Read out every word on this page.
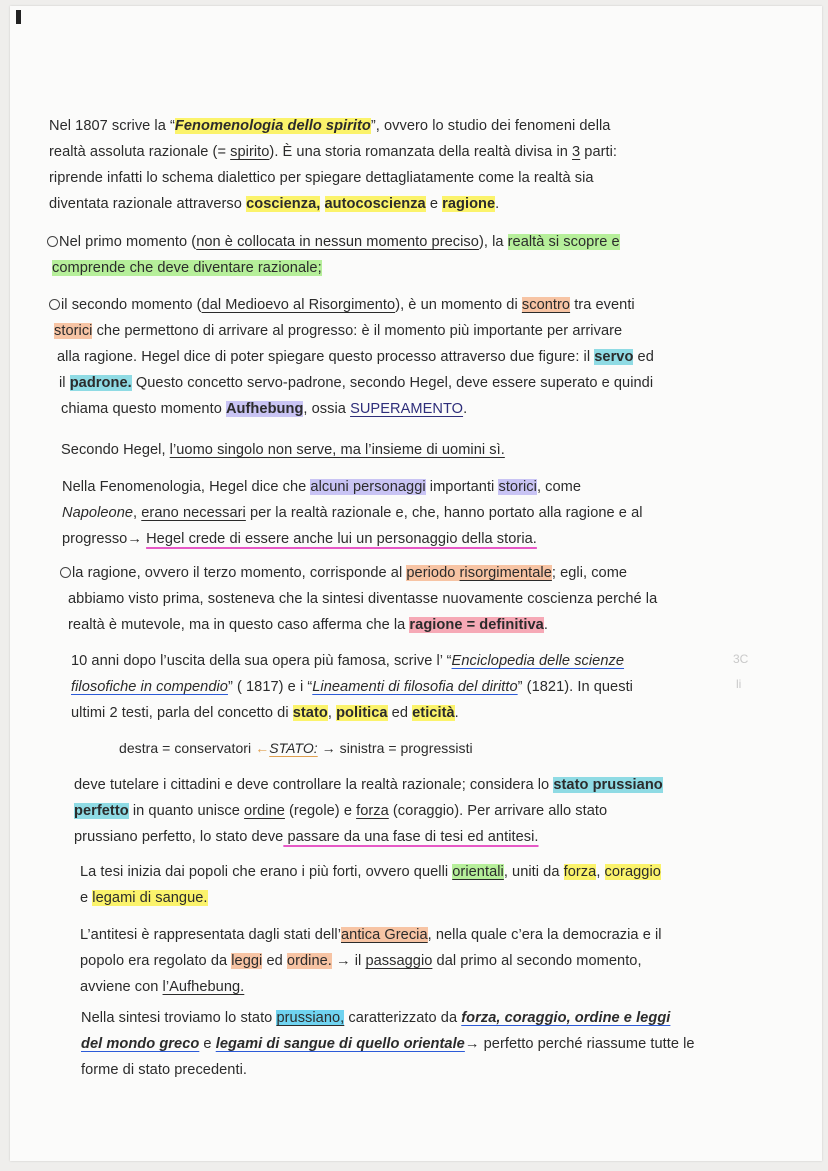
Nel 1807 scrive la “Fenomenologia dello spirito”, ovvero lo studio dei fenomeni della
realtà assoluta razionale (= spirito). È una storia romanzata della realtà divisa in 3 parti:
riprende infatti lo schema dialettico per spiegare dettagliatamente come la realtà sia
diventata razionale attraverso coscienza, autocoscienza e ragione.
Nel primo momento (non è collocata in nessun momento preciso), la realtà si scopre e
comprende che deve diventare razionale;
il secondo momento (dal Medioevo al Risorgimento), è un momento di scontro tra eventi
storici che permettono di arrivare al progresso: è il momento più importante per arrivare
alla ragione. Hegel dice di poter spiegare questo processo attraverso due figure: il servo ed
il padrone. Questo concetto servo-padrone, secondo Hegel, deve essere superato e quindi
chiama questo momento Aufhebung, ossia SUPERAMENTO.
Secondo Hegel, l’uomo singolo non serve, ma l’insieme di uomini sì.
Nella Fenomenologia, Hegel dice che alcuni personaggi importanti storici, come
Napoleone, erano necessari per la realtà razionale e, che, hanno portato alla ragione e al
progresso→ Hegel crede di essere anche lui un personaggio della storia.
la ragione, ovvero il terzo momento, corrisponde al periodo risorgimentale; egli, come
abbiamo visto prima, sosteneva che la sintesi diventasse nuovamente coscienza perché la
realtà è mutevole, ma in questo caso afferma che la ragione = definitiva.
10 anni dopo l’uscita della sua opera più famosa, scrive l’ “Enciclopedia delle scienze
filosofiche in compendio” ( 1817) e i “Lineamenti di filosofia del diritto” (1821). In questi
ultimi 2 testi, parla del concetto di stato, politica ed eticità.
3C
li
destra = conservatori ←STATO: → sinistra = progressisti
deve tutelare i cittadini e deve controllare la realtà razionale; considera lo stato prussiano
perfetto in quanto unisce ordine (regole) e forza (coraggio). Per arrivare allo stato
prussiano perfetto, lo stato deve passare da una fase di tesi ed antitesi.
La tesi inizia dai popoli che erano i più forti, ovvero quelli orientali, uniti da forza, coraggio
e legami di sangue.
L’antitesi è rappresentata dagli stati dell’antica Grecia, nella quale c’era la democrazia e il
popolo era regolato da leggi ed ordine. → il passaggio dal primo al secondo momento,
avviene con l’Aufhebung.
Nella sintesi troviamo lo stato prussiano, caratterizzato da forza, coraggio, ordine e leggi
del mondo greco e legami di sangue di quello orientale→ perfetto perché riassume tutte le
forme di stato precedenti.
